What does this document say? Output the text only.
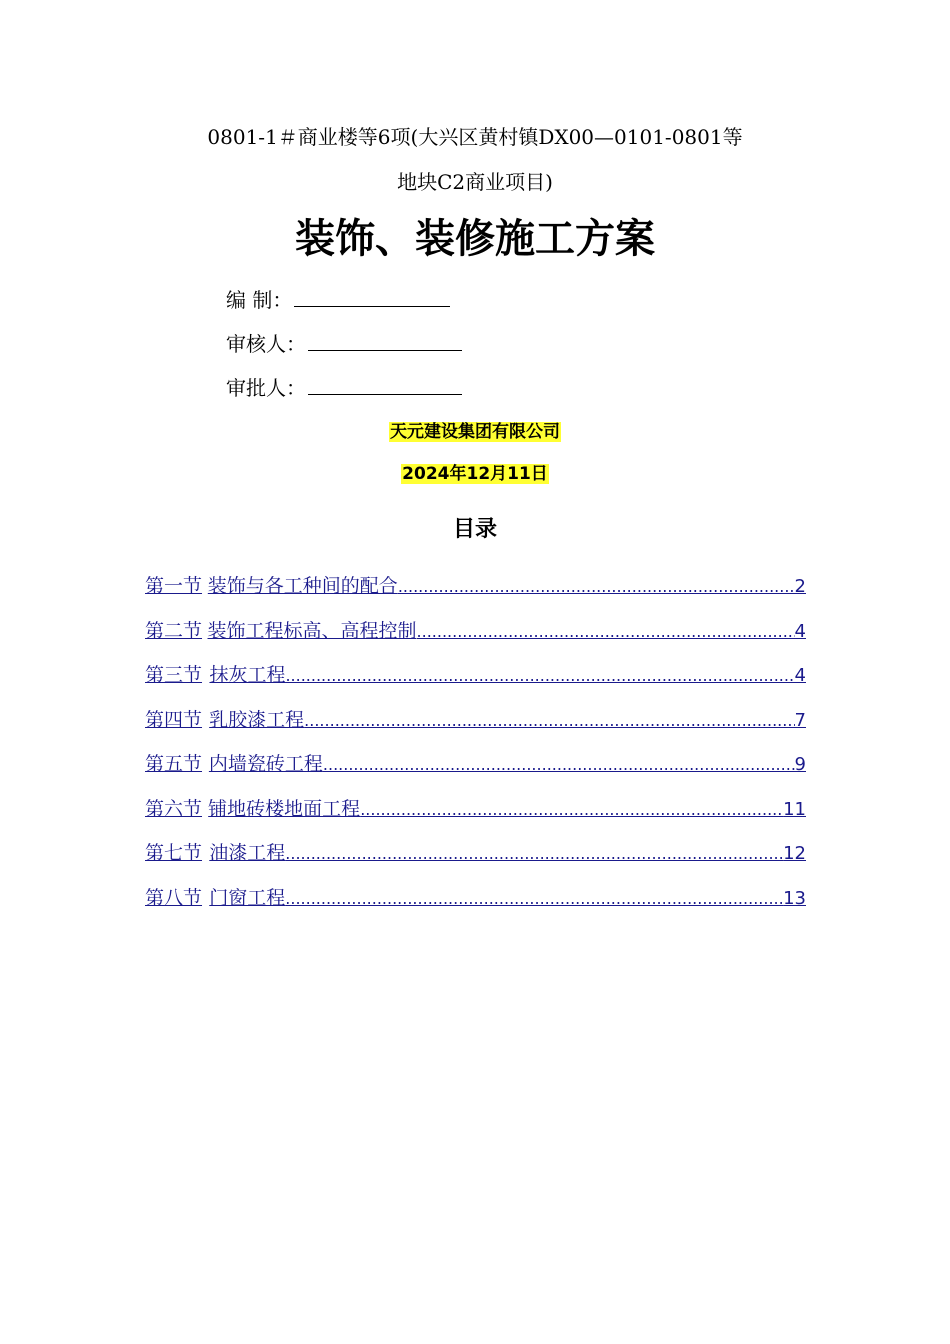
0801-1＃商业楼等6项(大兴区黄村镇DX00—0101-0801等
地块C2商业项目)
装饰、装修施工方案
编 制：
审核人：
审批人：
天元建设集团有限公司
2024年12月11日
目录
第一节 装饰与各工种间的配合 .....	2
第二节 装饰工程标高、高程控制 .....	4
第三节 抹灰工程 .....	4
第四节 乳胶漆工程 .....	7
第五节 内墙瓷砖工程 .....	9
第六节 铺地砖楼地面工程 .....	11
第七节 油漆工程 .....	12
第八节 门窗工程 .....	13
